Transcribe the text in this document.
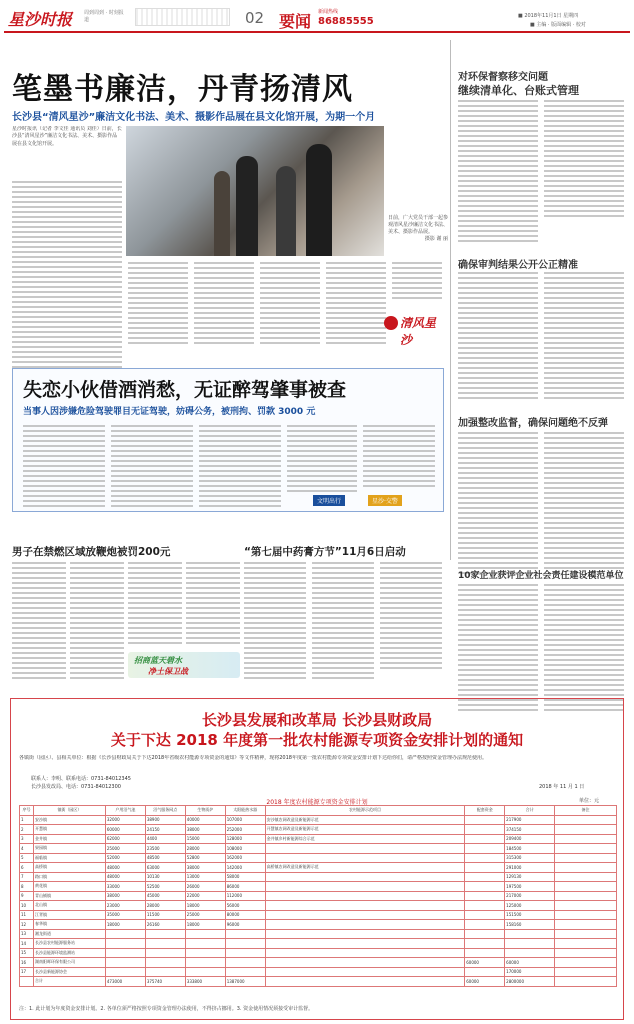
星沙时报 周到周到 · 时刻报道	02 要闻 新闻热线
86885555	■ 2018年11月1日 星期四
■ 主编 · 版面编辑 · 校对
笔墨书廉洁，丹青扬清风
长沙县“清风星沙”廉洁文化书法、美术、摄影作品展在县文化馆开展，为期一个月
星沙时报讯（记者 李文佳 通讯员 刘佳）日前，长沙县“清风星沙”廉洁文化书法、美术、摄影作品展在县文化馆开展。
日前，广大党员干部一起参观清风星沙廉洁文化书法、美术、摄影作品展。
摄影 谢 丽
清风星沙
对环保督察移交问题
继续清单化、台账式管理
确保审判结果公开公正精准
加强整改监督，确保问题绝不反弹
10家企业获评企业社会责任建设模范单位
失恋小伙借酒消愁，无证醉驾肇事被查
当事人因涉嫌危险驾驶罪目无证驾驶，妨碍公务，被刑拘、罚款 3000 元
文明出行	星沙·交警
男子在禁燃区域放鞭炮被罚200元
招商蓝天碧水
净土保卫战
“第七届中药膏方节”11月6日启动
长沙县发展和改革局 长沙县财政局
关于下达 2018 年度第一批农村能源专项资金安排计划的通知
各镇街（园区）、县相关单位：根据《长沙县财政局关于下达2018年省级农村能源专项资金的通知》等文件精神，现将2018年度第一批农村能源专项资金安排计划下达给你们，请严格按照资金管理办法规范使用。
联系人：李明、联系电话：0731-84012345
长沙县发改局、电话：0731-84012300	2018 年 11 月 1 日
2018 年度农村能源专项资金安排计划	单位：元
序号	镇街（园区）	户用沼气池	沼气服务网点	生物质炉	太阳能热水器	农村能源示范项目	配套资金	合计	备注
1	安沙镇	32000	38900	40000	107000	安沙镇农网改造及新能源示范		217900	
2	开慧镇	60000	24150	38000	252000	开慧镇农网改造及新能源示范		374150	
3	金井镇	62000	4400	15000	128000	金井镇乡村新能源综合示范		209400	
4	果园镇	25000	23500	28000	108000			184500	
5	福临镇	52000	48500	52800	162000			315300	
6	高桥镇	48000	63000	38000	142000	高桥镇农网改造及新能源示范		291000	
7	路口镇	48000	10130	13000	58000			129130	
8	黄花镇	33000	52500	26000	86000			197500	
9	青山铺镇	38000	45000	22000	112000			217000	
10	北山镇	23000	28000	18000	56000			125000	
11	江背镇	35000	11500	25000	80000			151500	
12	春华镇	18000	26160	18000	96000			158160	
13	湘龙街道								
14	长沙县农村能源服务站								
15	长沙县能源环境监测站								
16	湖南阳晖环保有限公司						60000	60000	
17	长沙县新能源协会							170000	
	合计	473000	375740	333800	1387000		60000	2800000	
注：1. 此计划为年度资金安排计划。2. 各单位须严格按照专项资金管理办法使用，不得挤占挪用。3. 资金使用情况须接受审计监督。
